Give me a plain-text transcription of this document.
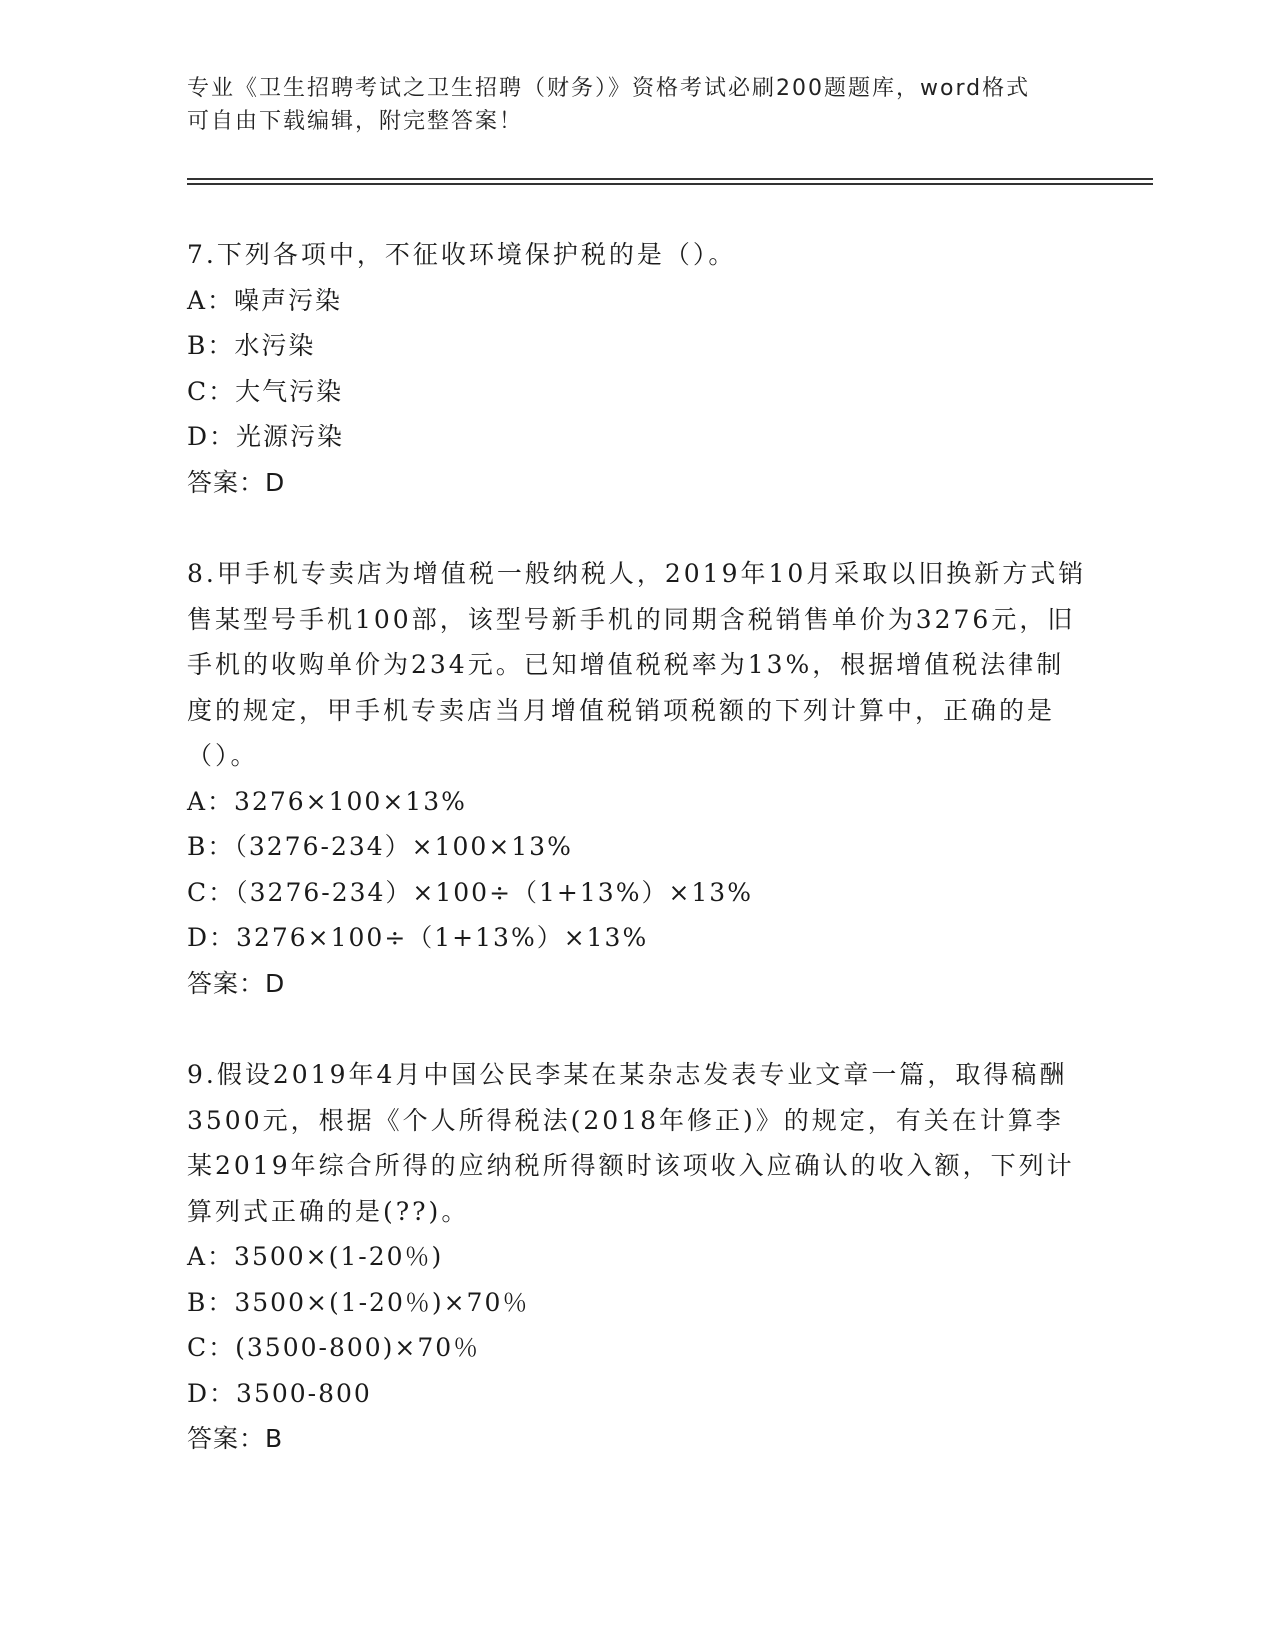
专业《卫生招聘考试之卫生招聘（财务）》资格考试必刷200题题库，word格式
可自由下载编辑，附完整答案！

7.下列各项中，不征收环境保护税的是（）。

A：噪声污染

B：水污染

C：大气污染

D：光源污染

答案：D

8.甲手机专卖店为增值税一般纳税人，2019年10月采取以旧换新方式销售某型号手机100部，该型号新手机的同期含税销售单价为3276元，旧手机的收购单价为234元。已知增值税税率为13%，根据增值税法律制度的规定，甲手机专卖店当月增值税销项税额的下列计算中，正确的是（）。

A：3276×100×13%

B：（3276-234）×100×13%

C：（3276-234）×100÷（1+13%）×13%

D：3276×100÷（1+13%）×13%

答案：D

9.假设2019年4月中国公民李某在某杂志发表专业文章一篇，取得稿酬3500元，根据《个人所得税法(2018年修正)》的规定，有关在计算李某2019年综合所得的应纳税所得额时该项收入应确认的收入额，下列计算列式正确的是(??)。

A：3500×(1-20％)

B：3500×(1-20％)×70％

C：(3500-800)×70％

D：3500-800

答案：B
